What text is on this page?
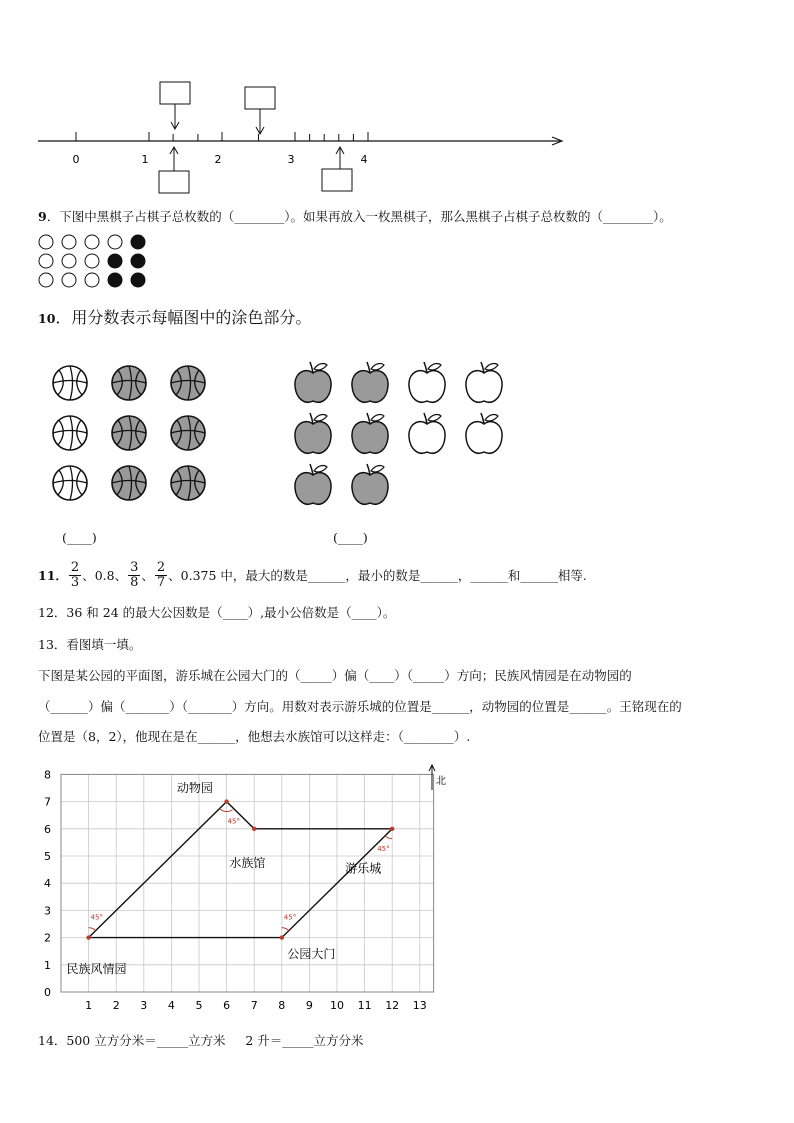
0	1	2	3	4
9．下图中黑棋子占棋子总枚数的（________）。如果再放入一枚黑棋子，那么黑棋子占棋子总枚数的（________）。
10．用分数表示每幅图中的涂色部分。
(____)	(____)
11． $\frac{2}{3}$ 、0.8、 $\frac{3}{8}$ 、 $\frac{2}{7}$ 、0.375 中，最大的数是______，最小的数是______，______和______相等.
12．36 和 24 的最大公因数是（____）,最小公倍数是（____）。
13．看图填一填。
下图是某公园的平面图，游乐城在公园大门的（_____）偏（____）（_____）方向；民族风情园是在动物园的
（______）偏（_______）（_______）方向。用数对表示游乐城的位置是______，动物园的位置是______。王铭现在的
位置是（8，2），他现在是在______，他想去水族馆可以这样走：（________）.
0
1
2
3
4
5
6
7
8
1 2 3 4 5 6 7 8 9 10 11 12 13
45°	45°
45°
45°
动物园
水族馆	游乐城
公园大门
民族风情园
北
14．500 立方分米＝_____立方米     2 升＝_____立方分米
